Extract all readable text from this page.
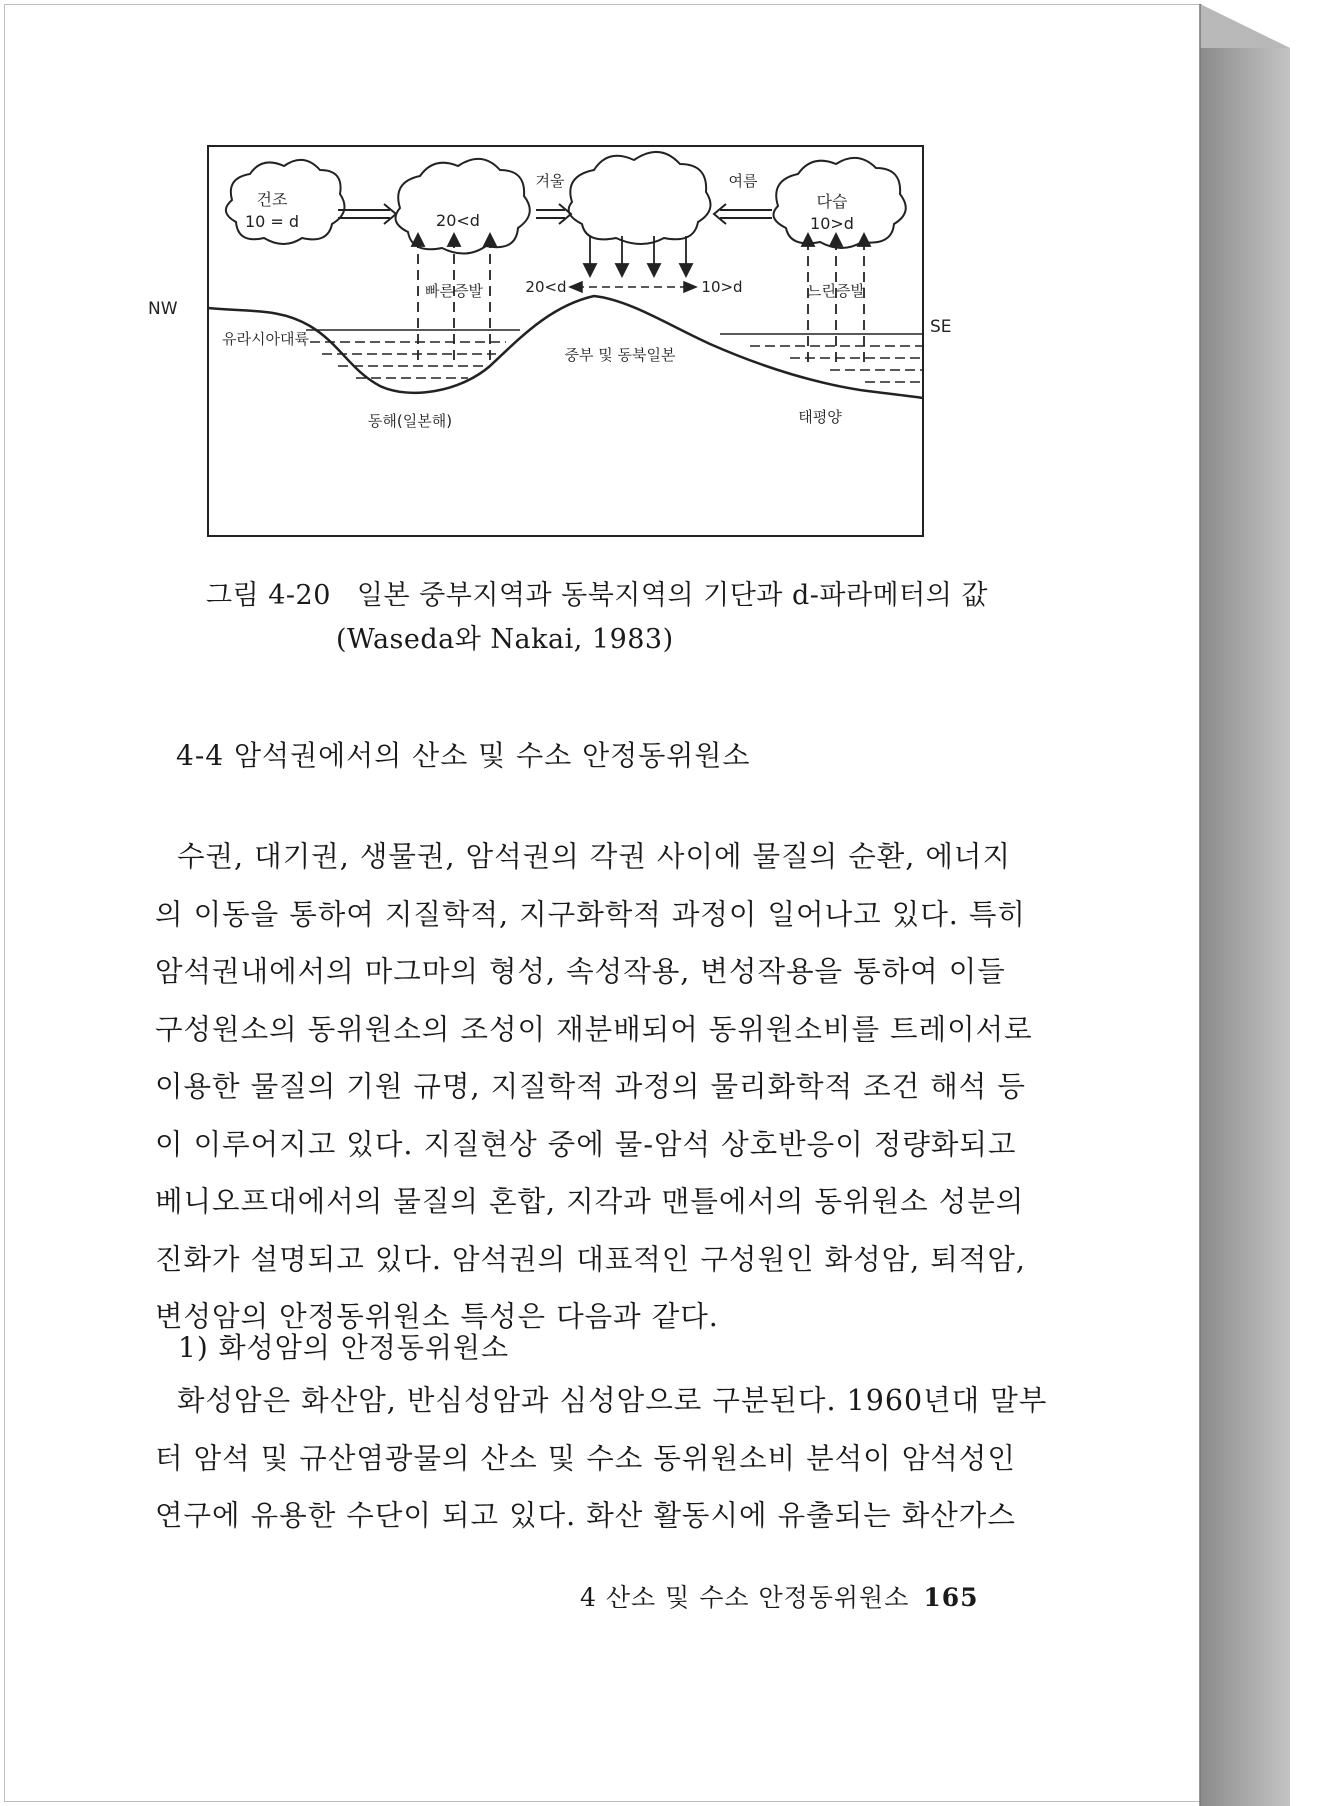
건조
10 = d	20<d
다습
10>d
겨울	여름
빠른증발	20<d	10>d	느린증발
NW
SE
유라시아대륙
동해(일본해)
중부 및 동북일본
태평양
그림 4-20 일본 중부지역과 동북지역의 기단과 d-파라메터의 값
(Waseda와 Nakai, 1983)
4-4 암석권에서의 산소 및 수소 안정동위원소
수권, 대기권, 생물권, 암석권의 각권 사이에 물질의 순환, 에너지
의 이동을 통하여 지질학적, 지구화학적 과정이 일어나고 있다. 특히
암석권내에서의 마그마의 형성, 속성작용, 변성작용을 통하여 이들
구성원소의 동위원소의 조성이 재분배되어 동위원소비를 트레이서로
이용한 물질의 기원 규명, 지질학적 과정의 물리화학적 조건 해석 등
이 이루어지고 있다. 지질현상 중에 물-암석 상호반응이 정량화되고
베니오프대에서의 물질의 혼합, 지각과 맨틀에서의 동위원소 성분의
진화가 설명되고 있다. 암석권의 대표적인 구성원인 화성암, 퇴적암,
변성암의 안정동위원소 특성은 다음과 같다.
1) 화성암의 안정동위원소
화성암은 화산암, 반심성암과 심성암으로 구분된다. 1960년대 말부
터 암석 및 규산염광물의 산소 및 수소 동위원소비 분석이 암석성인
연구에 유용한 수단이 되고 있다. 화산 활동시에 유출되는 화산가스
4 산소 및 수소 안정동위원소 165
